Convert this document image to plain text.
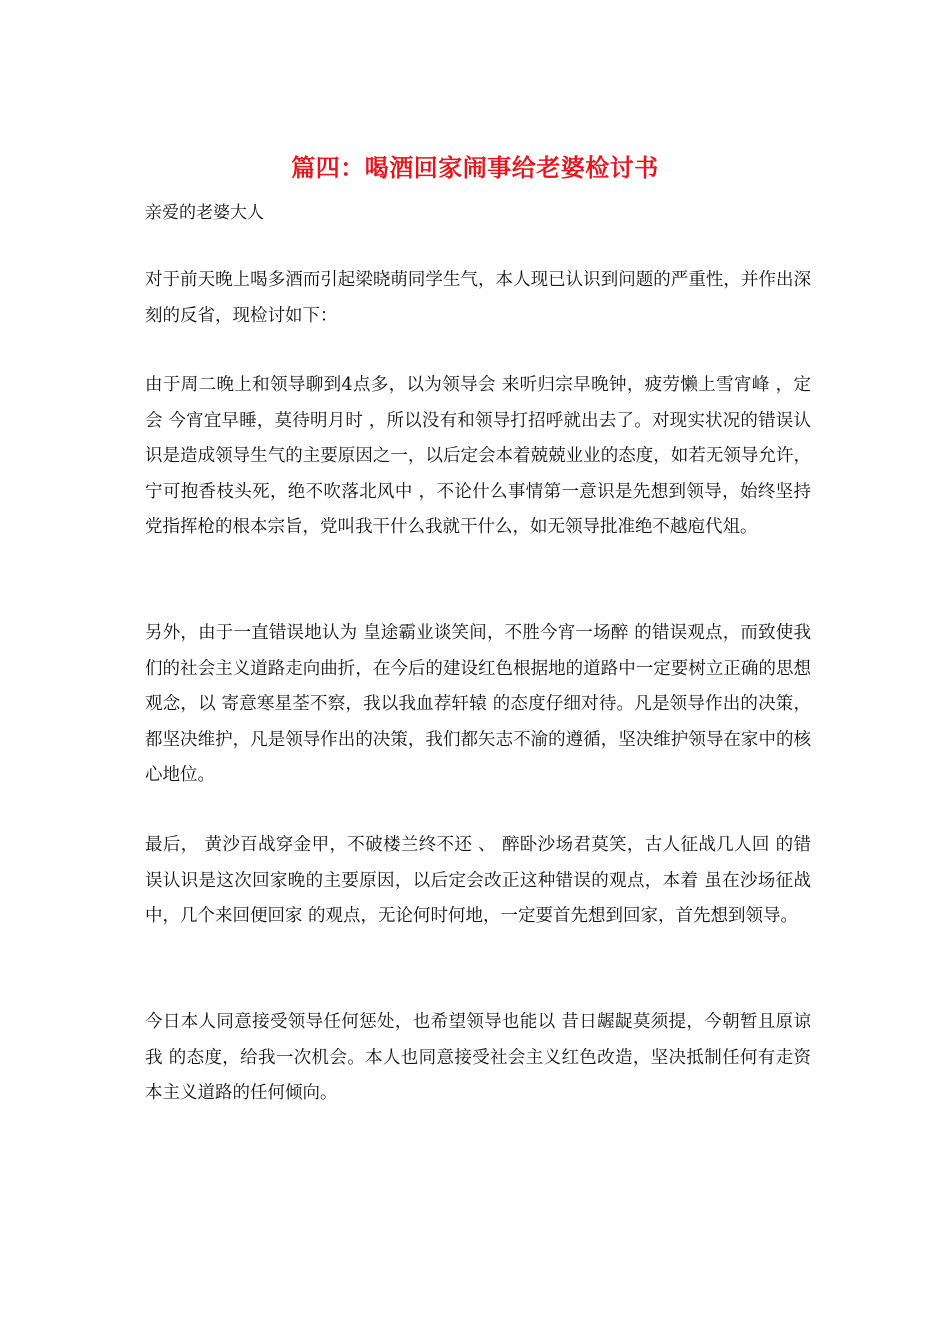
篇四：喝酒回家闹事给老婆检讨书
亲爱的老婆大人

对于前天晚上喝多酒而引起梁晓萌同学生气，本人现已认识到问题的严重性，并作出深刻的反省，现检讨如下：

由于周二晚上和领导聊到4点多，以为领导会 来听归宗早晚钟，疲劳懒上雪宵峰 ，定会 今宵宜早睡，莫待明月时 ，所以没有和领导打招呼就出去了。对现实状况的错误认识是造成领导生气的主要原因之一，以后定会本着兢兢业业的态度，如若无领导允许， 宁可抱香枝头死，绝不吹落北风中 ，不论什么事情第一意识是先想到领导，始终坚持党指挥枪的根本宗旨，党叫我干什么我就干什么，如无领导批准绝不越庖代俎。

另外，由于一直错误地认为 皇途霸业谈笑间，不胜今宵一场醉 的错误观点，而致使我们的社会主义道路走向曲折，在今后的建设红色根据地的道路中一定要树立正确的思想观念，以 寄意寒星荃不察，我以我血荐轩辕 的态度仔细对待。凡是领导作出的决策，都坚决维护，凡是领导作出的决策，我们都矢志不渝的遵循，坚决维护领导在家中的核心地位。

最后， 黄沙百战穿金甲，不破楼兰终不还 、 醉卧沙场君莫笑，古人征战几人回 的错误认识是这次回家晚的主要原因，以后定会改正这种错误的观点，本着 虽在沙场征战中，几个来回便回家 的观点，无论何时何地，一定要首先想到回家，首先想到领导。

今日本人同意接受领导任何惩处，也希望领导也能以 昔日龌龊莫须提，今朝暂且原谅我 的态度，给我一次机会。本人也同意接受社会主义红色改造，坚决抵制任何有走资本主义道路的任何倾向。
